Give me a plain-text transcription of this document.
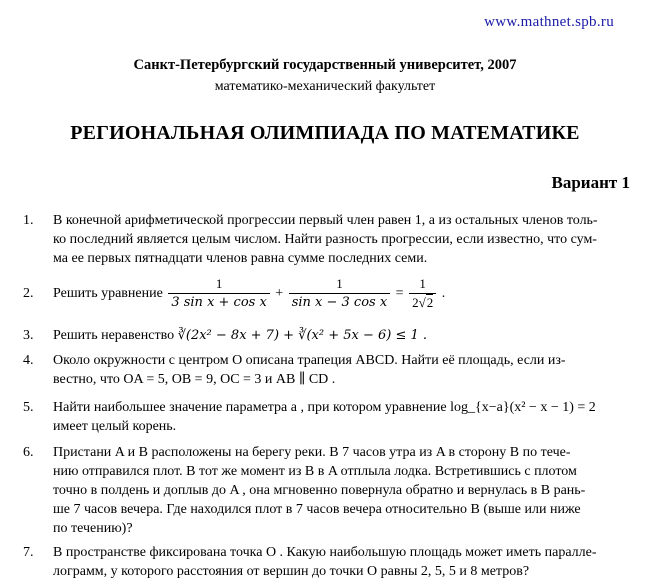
www.mathnet.spb.ru
Санкт-Петербургский государственный университет, 2007
математико-механический факультет
РЕГИОНАЛЬНАЯ ОЛИМПИАДА ПО МАТЕМАТИКЕ
Вариант 1
1. В конечной арифметической прогрессии первый член равен 1, а из остальных членов толь-
ко последний является целым числом. Найти разность прогрессии, если известно, что сум-
ма ее первых пятнадцати членов равна сумме последних семи.
2. Решить уравнение $\frac{1}{\text{3 sin x + cos x}} + \frac{1}{\text{sin x − 3 cos x}} = \frac{1}{2√2}$ .
3. Решить неравенство ∛(2x² − 8x + 7) + ∛(x² + 5x − 6) ≤ 1 .
4. Около окружности с центром O описана трапеция ABCD. Найти её площадь, если из-
вестно, что OA = 5, OB = 9, OC = 3 и AB ∥ CD .
5. Найти наибольшее значение параметра a , при котором уравнение log_{x−a}(x² − x − 1) = 2
имеет целый корень.
6. Пристани A и B расположены на берегу реки. В 7 часов утра из A в сторону B по тече-
нию отправился плот. В тот же момент из B в A отплыла лодка. Встретившись с плотом
точно в полдень и доплыв до A , она мгновенно повернула обратно и вернулась в B рань-
ше 7 часов вечера. Где находился плот в 7 часов вечера относительно B (выше или ниже
по течению)?
7. В пространстве фиксирована точка O . Какую наибольшую площадь может иметь паралле-
лограмм, у которого расстояния от вершин до точки O равны 2, 5, 5 и 8 метров?
